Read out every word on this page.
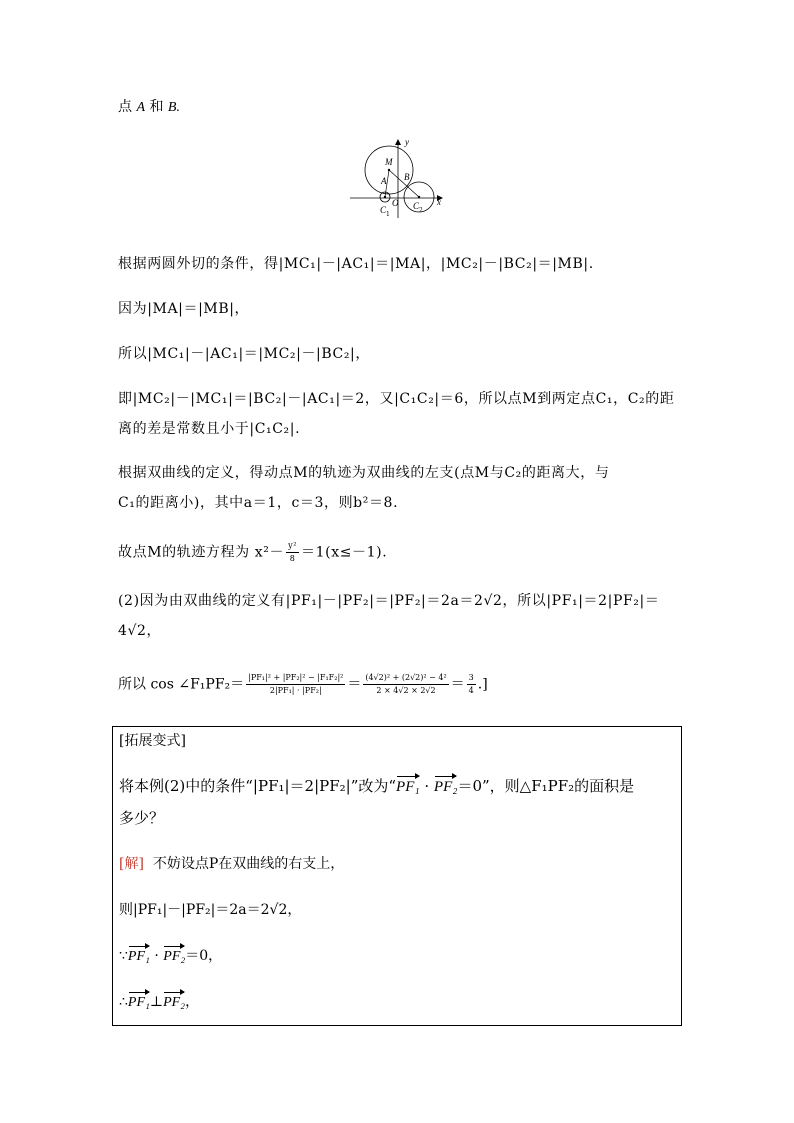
点 A 和 B.
y
x
M
A B
O
$C_1$
$C_2$
根据两圆外切的条件，得|MC₁|－|AC₁|＝|MA|，|MC₂|－|BC₂|＝|MB|.
因为|MA|＝|MB|，
所以|MC₁|－|AC₁|＝|MC₂|－|BC₂|，
即|MC₂|－|MC₁|＝|BC₂|－|AC₁|＝2，又|C₁C₂|＝6，所以点M到两定点C₁，C₂的距
离的差是常数且小于|C₁C₂|.
根据双曲线的定义，得动点M的轨迹为双曲线的左支(点M与C₂的距离大，与
C₁的距离小)，其中a＝1，c＝3，则b²＝8.
故点M的轨迹方程为 $x^2- \frac{\text{y²}}{8} =1(x\le-1)$.
(2)因为由双曲线的定义有|PF₁|－|PF₂|＝|PF₂|＝2a＝2√2，所以|PF₁|＝2|PF₂|＝
4√2，
所以 cos ∠F₁PF₂＝ $\frac{\text{|PF₁|² + |PF₂|² − |F₁F₂|²}}{\text{2|PF₁| · |PF₂|}} = \frac{\text{(4√2)² + (2√2)² − 4²}}{2 \times 4√2 \times 2√2} = \frac{3}{4}$ .]
[拓展变式]
将本例(2)中的条件“|PF₁|＝2|PF₂|”改为“PF₁ · PF₂＝0”，则△F₁PF₂的面积是
多少？
[解] 不妨设点P在双曲线的右支上，
则|PF₁|－|PF₂|＝2a＝2√2，
∵PF₁ · PF₂＝0，
∴PF₁⊥PF₂，
